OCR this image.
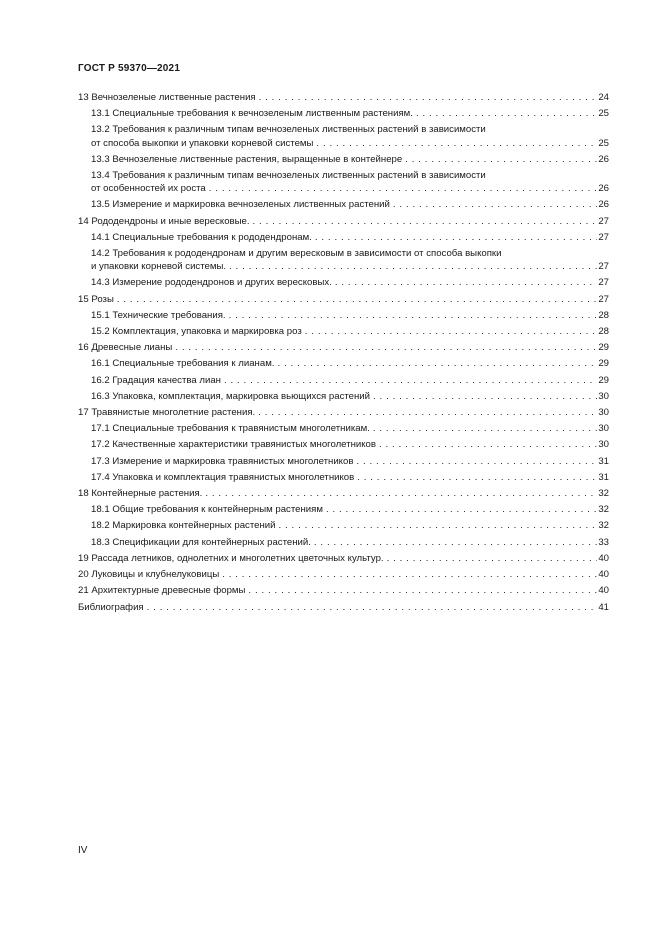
ГОСТ Р 59370—2021
13 Вечнозеленые лиственные растения . . .	24
13.1 Специальные требования к вечнозеленым лиственным растениям. . . .	25
13.2 Требования к различным типам вечнозеленых лиственных растений в зависимости
от способа выкопки и упаковки корневой системы . . .	25
13.3 Вечнозеленые лиственные растения, выращенные в контейнере . . .	26
13.4 Требования к различным типам вечнозеленых лиственных растений в зависимости
от особенностей их роста . . .	26
13.5 Измерение и маркировка вечнозеленых лиственных растений . . .	26
14 Рододендроны и иные вересковые. . . .	27
14.1 Специальные требования к рододендронам. . . .	27
14.2 Требования к рододендронам и другим вересковым в зависимости от способа выкопки
и упаковки корневой системы. . . .	27
14.3 Измерение рододендронов и других вересковых. . . .	27
15 Розы . . .	27
15.1 Технические требования. . . .	28
15.2 Комплектация, упаковка и маркировка роз . . .	28
16 Древесные лианы . . .	29
16.1 Специальные требования к лианам. . . .	29
16.2 Градация качества лиан . . .	29
16.3 Упаковка, комплектация, маркировка вьющихся растений . . .	30
17 Травянистые многолетние растения. . . .	30
17.1 Специальные требования к травянистым многолетникам. . . .	30
17.2 Качественные характеристики травянистых многолетников . . .	30
17.3 Измерение и маркировка травянистых многолетников . . .	31
17.4 Упаковка и комплектация травянистых многолетников . . .	31
18 Контейнерные растения. . . .	32
18.1 Общие требования к контейнерным растениям . . .	32
18.2 Маркировка контейнерных растений . . .	32
18.3 Спецификации для контейнерных растений. . . .	33
19 Рассада летников, однолетних и многолетних цветочных культур. . . .	40
20 Луковицы и клубнелуковицы . . .	40
21 Архитектурные древесные формы . . .	40
Библиография . . .	41
IV
